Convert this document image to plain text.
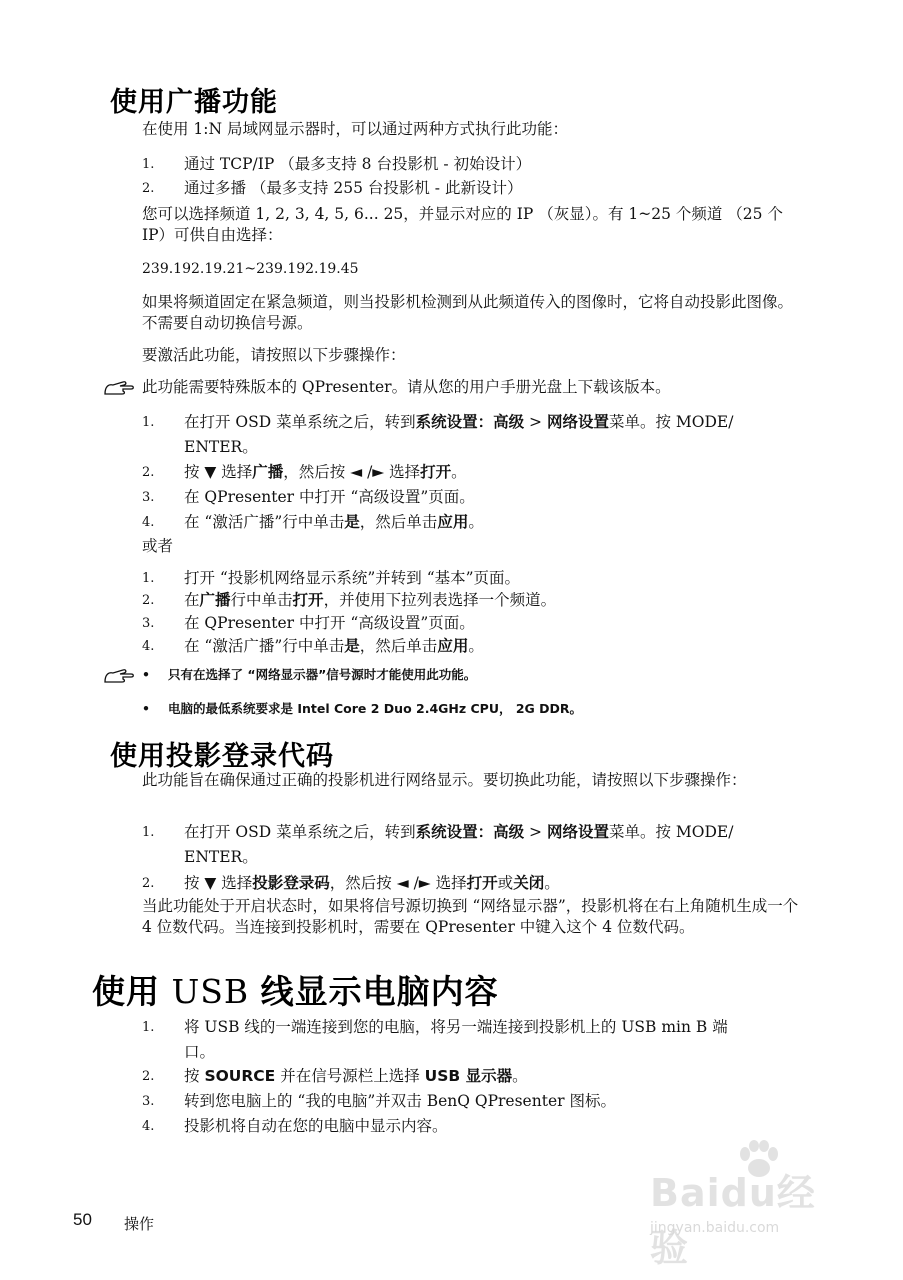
使用广播功能
在使用 1:N 局域网显示器时，可以通过两种方式执行此功能：
1.	通过 TCP/IP （最多支持 8 台投影机 - 初始设计）
2.	通过多播 （最多支持 255 台投影机 - 此新设计）
您可以选择频道 1, 2, 3, 4, 5, 6... 25，并显示对应的 IP （灰显）。有 1~25 个频道 （25 个 IP）可供自由选择：
239.192.19.21~239.192.19.45
如果将频道固定在紧急频道，则当投影机检测到从此频道传入的图像时，它将自动投影此图像。不需要自动切换信号源。
要激活此功能，请按照以下步骤操作：
此功能需要特殊版本的 QPresenter。请从您的用户手册光盘上下载该版本。
1.	在打开 OSD 菜单系统之后，转到系统设置：高级 > 网络设置菜单。按 MODE/
ENTER。
2.	按 ▼ 选择广播，然后按 ◄ /► 选择打开。
3.	在 QPresenter 中打开 “高级设置”页面。
4.	在 “激活广播”行中单击是，然后单击应用。
或者
1.	打开 “投影机网络显示系统”并转到 “基本”页面。
2.	在广播行中单击打开，并使用下拉列表选择一个频道。
3.	在 QPresenter 中打开 “高级设置”页面。
4.	在 “激活广播”行中单击是，然后单击应用。
• 只有在选择了 “网络显示器”信号源时才能使用此功能。
• 电脑的最低系统要求是 Intel Core 2 Duo 2.4GHz CPU， 2G DDR。
使用投影登录代码
此功能旨在确保通过正确的投影机进行网络显示。要切换此功能，请按照以下步骤操作：
1.	在打开 OSD 菜单系统之后，转到系统设置：高级 > 网络设置菜单。按 MODE/
ENTER。
2.	按 ▼ 选择投影登录码，然后按 ◄ /► 选择打开或关闭。
当此功能处于开启状态时，如果将信号源切换到 “网络显示器”，投影机将在右上角随机生成一个 4 位数代码。当连接到投影机时，需要在 QPresenter 中键入这个 4 位数代码。
使用 USB 线显示电脑内容
1.	将 USB 线的一端连接到您的电脑，将另一端连接到投影机上的 USB min B 端
口。
2.	按 SOURCE 并在信号源栏上选择 USB 显示器。
3.	转到您电脑上的 “我的电脑”并双击 BenQ QPresenter 图标。
4.	投影机将自动在您的电脑中显示内容。
50 操作
Baidu经验
jingyan.baidu.com
